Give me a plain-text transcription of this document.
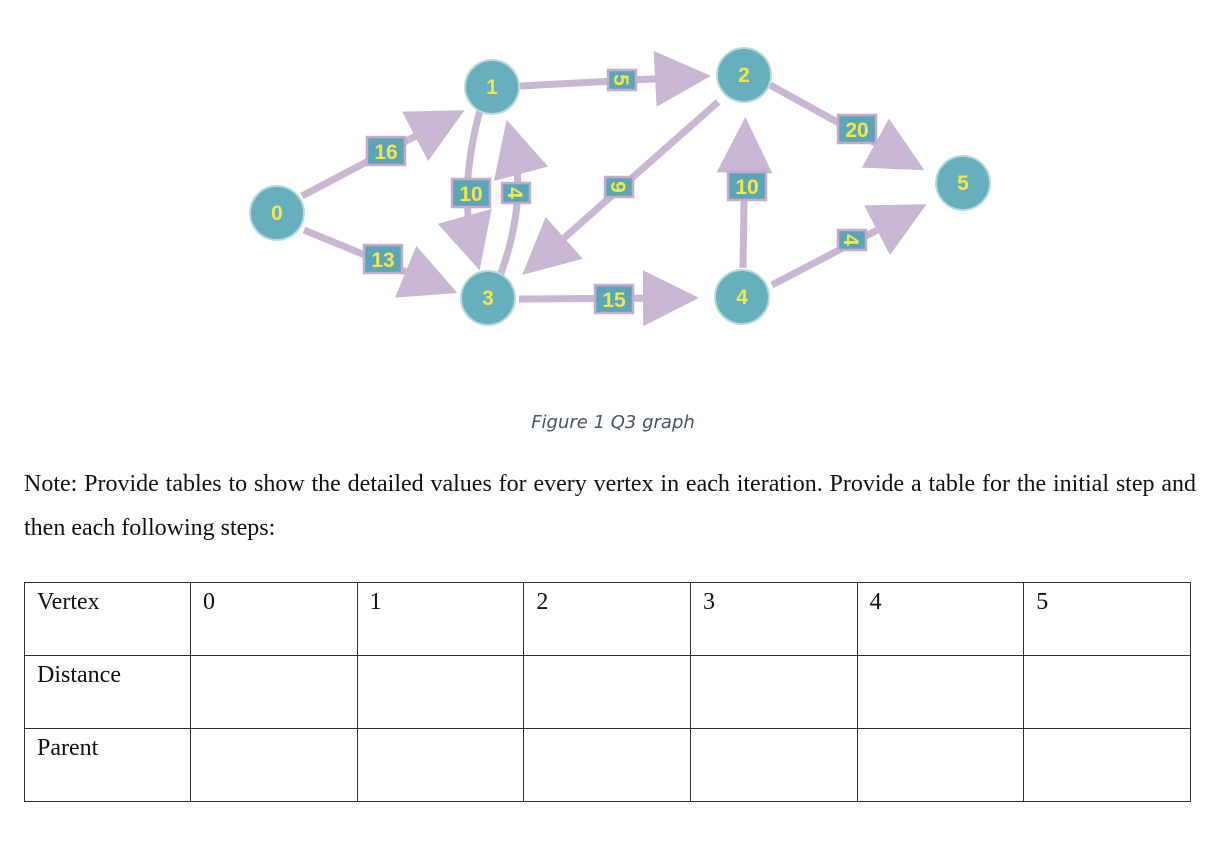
0
1
2
3	4
5
16
13
5
10 4
9
15
10
20
4
Figure 1 Q3 graph

Note: Provide tables to show the detailed values for every vertex in each iteration. Provide a table for the initial step and then each following steps:

Vertex	0	1	2	3	4	5
Distance						
Parent						
